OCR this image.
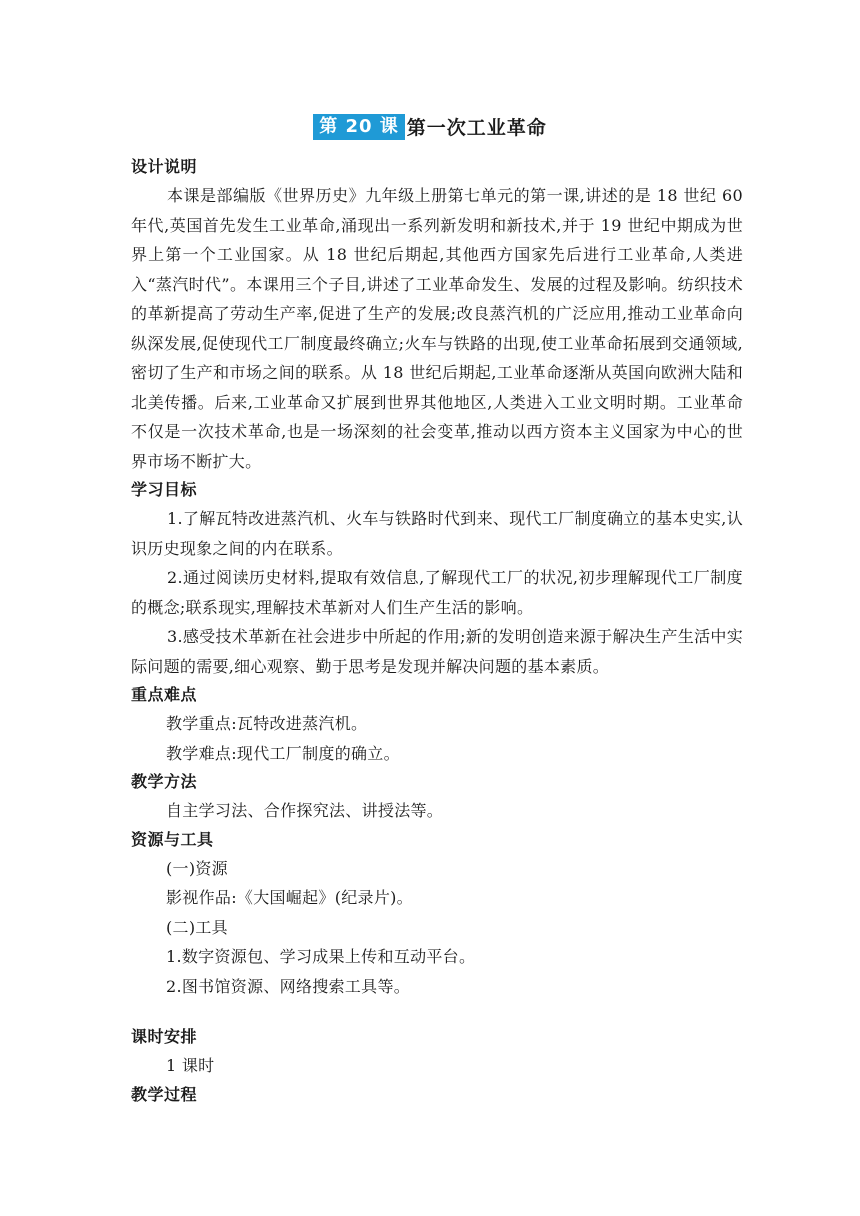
第 20 课 第一次工业革命
设计说明
本课是部编版《世界历史》九年级上册第七单元的第一课,讲述的是 18 世纪 60 年代,英国首先发生工业革命,涌现出一系列新发明和新技术,并于 19 世纪中期成为世界上第一个工业国家。从 18 世纪后期起,其他西方国家先后进行工业革命,人类进入“蒸汽时代”。本课用三个子目,讲述了工业革命发生、发展的过程及影响。纺织技术的革新提高了劳动生产率,促进了生产的发展;改良蒸汽机的广泛应用,推动工业革命向纵深发展,促使现代工厂制度最终确立;火车与铁路的出现,使工业革命拓展到交通领域,密切了生产和市场之间的联系。从 18 世纪后期起,工业革命逐渐从英国向欧洲大陆和北美传播。后来,工业革命又扩展到世界其他地区,人类进入工业文明时期。工业革命不仅是一次技术革命,也是一场深刻的社会变革,推动以西方资本主义国家为中心的世界市场不断扩大。
学习目标
1.了解瓦特改进蒸汽机、火车与铁路时代到来、现代工厂制度确立的基本史实,认识历史现象之间的内在联系。
2.通过阅读历史材料,提取有效信息,了解现代工厂的状况,初步理解现代工厂制度的概念;联系现实,理解技术革新对人们生产生活的影响。
3.感受技术革新在社会进步中所起的作用;新的发明创造来源于解决生产生活中实际问题的需要,细心观察、勤于思考是发现并解决问题的基本素质。
重点难点
教学重点:瓦特改进蒸汽机。
教学难点:现代工厂制度的确立。
教学方法
自主学习法、合作探究法、讲授法等。
资源与工具
(一)资源
影视作品:《大国崛起》(纪录片)。
(二)工具
1.数字资源包、学习成果上传和互动平台。
2.图书馆资源、网络搜索工具等。
课时安排
1 课时
教学过程
